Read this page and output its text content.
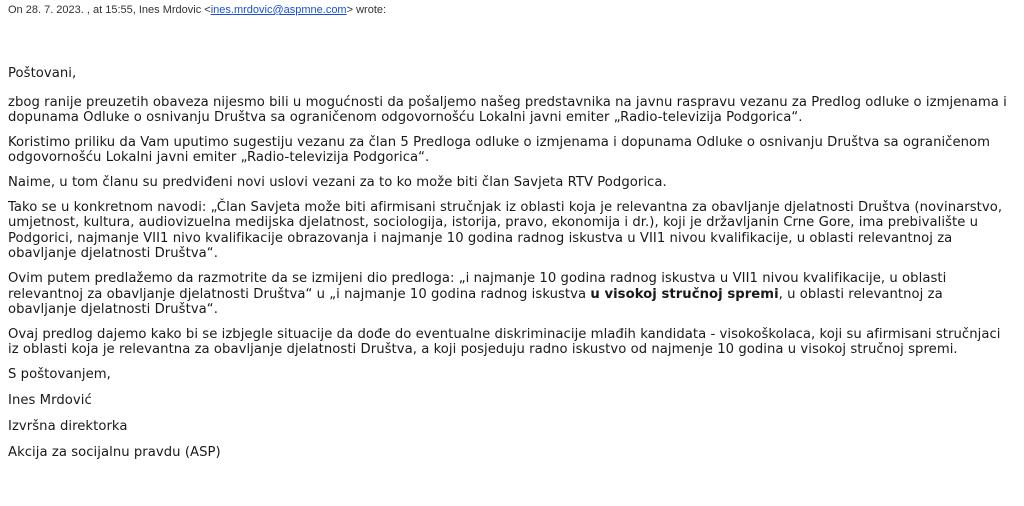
On 28. 7. 2023. , at 15:55, Ines Mrdovic <ines.mrdovic@aspmne.com> wrote:

Poštovani,

zbog ranije preuzetih obaveza nijesmo bili u mogućnosti da pošaljemo našeg predstavnika na javnu raspravu vezanu za Predlog odluke o izmjenama i dopunama Odluke o osnivanju Društva sa ograničenom odgovornošću Lokalni javni emiter „Radio-televizija Podgorica“.

Koristimo priliku da Vam uputimo sugestiju vezanu za član 5 Predloga odluke o izmjenama i dopunama Odluke o osnivanju Društva sa ograničenom odgovornošću Lokalni javni emiter „Radio-televizija Podgorica“.

Naime, u tom članu su predviđeni novi uslovi vezani za to ko može biti član Savjeta RTV Podgorica.

Tako se u konkretnom navodi: „Član Savjeta može biti afirmisani stručnjak iz oblasti koja je relevantna za obavljanje djelatnosti Društva (novinarstvo, umjetnost, kultura, audiovizuelna medijska djelatnost, sociologija, istorija, pravo, ekonomija i dr.), koji je državljanin Crne Gore, ima prebivalište u Podgorici, najmanje VII1 nivo kvalifikacije obrazovanja i najmanje 10 godina radnog iskustva u VII1 nivou kvalifikacije, u oblasti relevantnoj za obavljanje djelatnosti Društva“.

Ovim putem predlažemo da razmotrite da se izmijeni dio predloga: „i najmanje 10 godina radnog iskustva u VII1 nivou kvalifikacije, u oblasti relevantnoj za obavljanje djelatnosti Društva“ u „i najmanje 10 godina radnog iskustva u visokoj stručnoj spremi, u oblasti relevantnoj za obavljanje djelatnosti Društva“.

Ovaj predlog dajemo kako bi se izbjegle situacije da dođe do eventualne diskriminacije mlađih kandidata - visokoškolaca, koji su afirmisani stručnjaci iz oblasti koja je relevantna za obavljanje djelatnosti Društva, a koji posjeduju radno iskustvo od najmenje 10 godina u visokoj stručnoj spremi.

S poštovanjem,

Ines Mrdović

Izvršna direktorka

Akcija za socijalnu pravdu (ASP)
